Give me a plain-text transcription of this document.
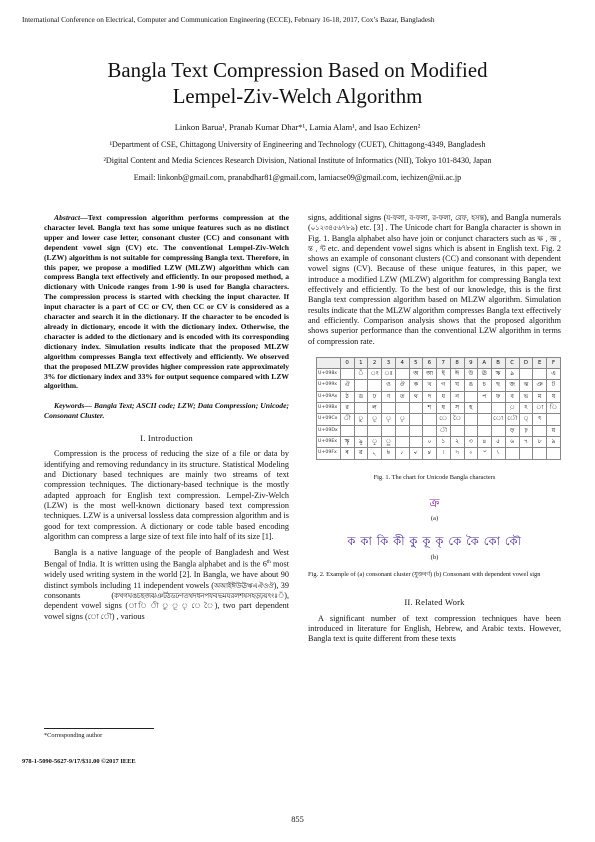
International Conference on Electrical, Computer and Communication Engineering (ECCE), February 16-18, 2017, Cox’s Bazar, Bangladesh
Bangla Text Compression Based on Modified
Lempel-Ziv-Welch Algorithm
Linkon Barua¹, Pranab Kumar Dhar*¹, Lamia Alam¹, and Isao Echizen²
¹Department of CSE, Chittagong University of Engineering and Technology (CUET), Chittagong-4349, Bangladesh
²Digital Content and Media Sciences Research Division, National Institute of Informatics (NII), Tokyo 101-8430, Japan
Email: linkonb@gmail.com, pranabdhar81@gmail.com, lamiacse09@gmail.com, iechizen@nii.ac.jp

Abstract—Text compression algorithm performs compression at the character level. Bangla text has some unique features such as no distinct upper and lower case letter, consonant cluster (CC) and consonant with dependent vowel sign (CV) etc. The conventional Lempel-Ziv-Welch (LZW) algorithm is not suitable for compressing Bangla text. Therefore, in this paper, we propose a modified LZW (MLZW) algorithm which can compress Bangla text effectively and efficiently. In our proposed method, a dictionary with Unicode ranges from 1-90 is used for Bangla characters. The compression process is started with checking the input character. If input character is a part of CC or CV, then CC or CV is considered as a character and search it in the dictionary. If the character to be encoded is already in dictionary, encode it with the dictionary index. Otherwise, the character is added to the dictionary and is encoded with its corresponding dictionary index. Simulation results indicate that the proposed MLZW algorithm compresses Bangla text effectively and efficiently. We observed that the proposed MLZW provides higher compression rate approximately 3% for dictionary index and 33% for output sequence compared with LZW algorithm.

Keywords— Bangla Text; ASCII code; LZW; Data Compression; Unicode; Consonant Cluster.

I. Introduction

Compression is the process of reducing the size of a file or data by identifying and removing redundancy in its structure. Statistical Modeling and Dictionary based techniques are mainly two streams of text compression techniques. The dictionary-based technique is the mostly adapted approach for English text compression. Lempel-Ziv-Welch (LZW) is the most well-known dictionary based text compression techniques. LZW is a universal lossless data compression algorithm and is good for text compression. A dictionary or code table based encoding algorithm can compress a large size of text file into half of its size [1].

Bangla is a native language of the people of Bangladesh and West Bengal of India. It is written using the Bangla alphabet and is the 6th most widely used writing system in the world [2]. In Bangla, we have about 90 distinct symbols including 11 independent vowels (অআইঈউঊঋএঐওঔ), 39 consonants (কখগঘঙচছজঝঞটঠডঢণতথদধনপফবভমযরলশষসহড়ঢ়য়ৎংঃঁ), dependent vowel signs (া ি ী ু ূ ৃ ে ৈ), two part dependent vowel signs (ো ৌ) , various

signs, additional signs (য-ফলা, ব-ফলা, র-ফলা, রেফ, হসন্ত), and Bangla numerals (০১২৩৪৫৬৭৮৯) etc. [3] . The Unicode chart for Bangla character is shown in Fig. 1. Bangla alphabet also have join or conjunct characters such as ক্ষ , জ্ঞ , ন্ত , ন্ট etc. and dependent vowel signs which is absent in English text. Fig. 2 shows an example of consonant clusters (CC) and consonant with dependent vowel signs (CV). Because of these unique features, in this paper, we introduce a modified LZW (MLZW) algorithm for compressing Bangla text effectively and efficiently. To the best of our knowledge, this is the first Bangla text compression algorithm based on MLZW algorithm. Simulation results indicate that the MLZW algorithm compresses Bangla text effectively and efficiently. Comparison analysis shows that the proposed algorithm shows superior performance than the conventional LZW algorithm in terms of compression rate.

	0	1	2	3	4	5	6	7	8	9	A	B	C	D	E	F
U+098x		ঁ	ং	ঃ		অ	আ	ই	ঈ	উ	ঊ	ঋ	ঌ			এ
U+099x	ঐ			ও	ঔ	ক	খ	গ	ঘ	ঙ	চ	ছ	জ	ঝ	ঞ	ট
U+09Ax	ঠ	ড	ঢ	ণ	ত	থ	দ	ধ	ন		প	ফ	ব	ভ	ম	য
U+09Bx	র		ল				শ	ষ	স	হ			়	ঽ	া	ি
U+09Cx	ী	ু	ূ	ৃ	ৄ			ে	ৈ			ো	ৌ	্	ৎ	
U+09Dx								ৗ					ড়	ঢ়		য়
U+09Ex	ৠ	ৡ	ৢ	ৣ			০	১	২	৩	৪	৫	৬	৭	৮	৯
U+09Fx	ৰ	ৱ	৲	৳	৴	৵	৶	৷	৸	৹	৺	৻				
Fig. 1. The chart for Unicode Bangla characters
ক্র
(a)
ক কা কি কী কু কূ কৃ কে কৈ কো কৌ
(b)
Fig. 2. Example of (a) consonant cluster (যুক্তবর্ণ) (b) Consonant with dependent vowel sign
II. Related Work

A significant number of text compression techniques have been introduced in literature for English, Hebrew, and Arabic texts. However, Bangla text is quite different from these texts

*Corresponding author
978-1-5090-5627-9/17/$31.00 ©2017 IEEE
855
